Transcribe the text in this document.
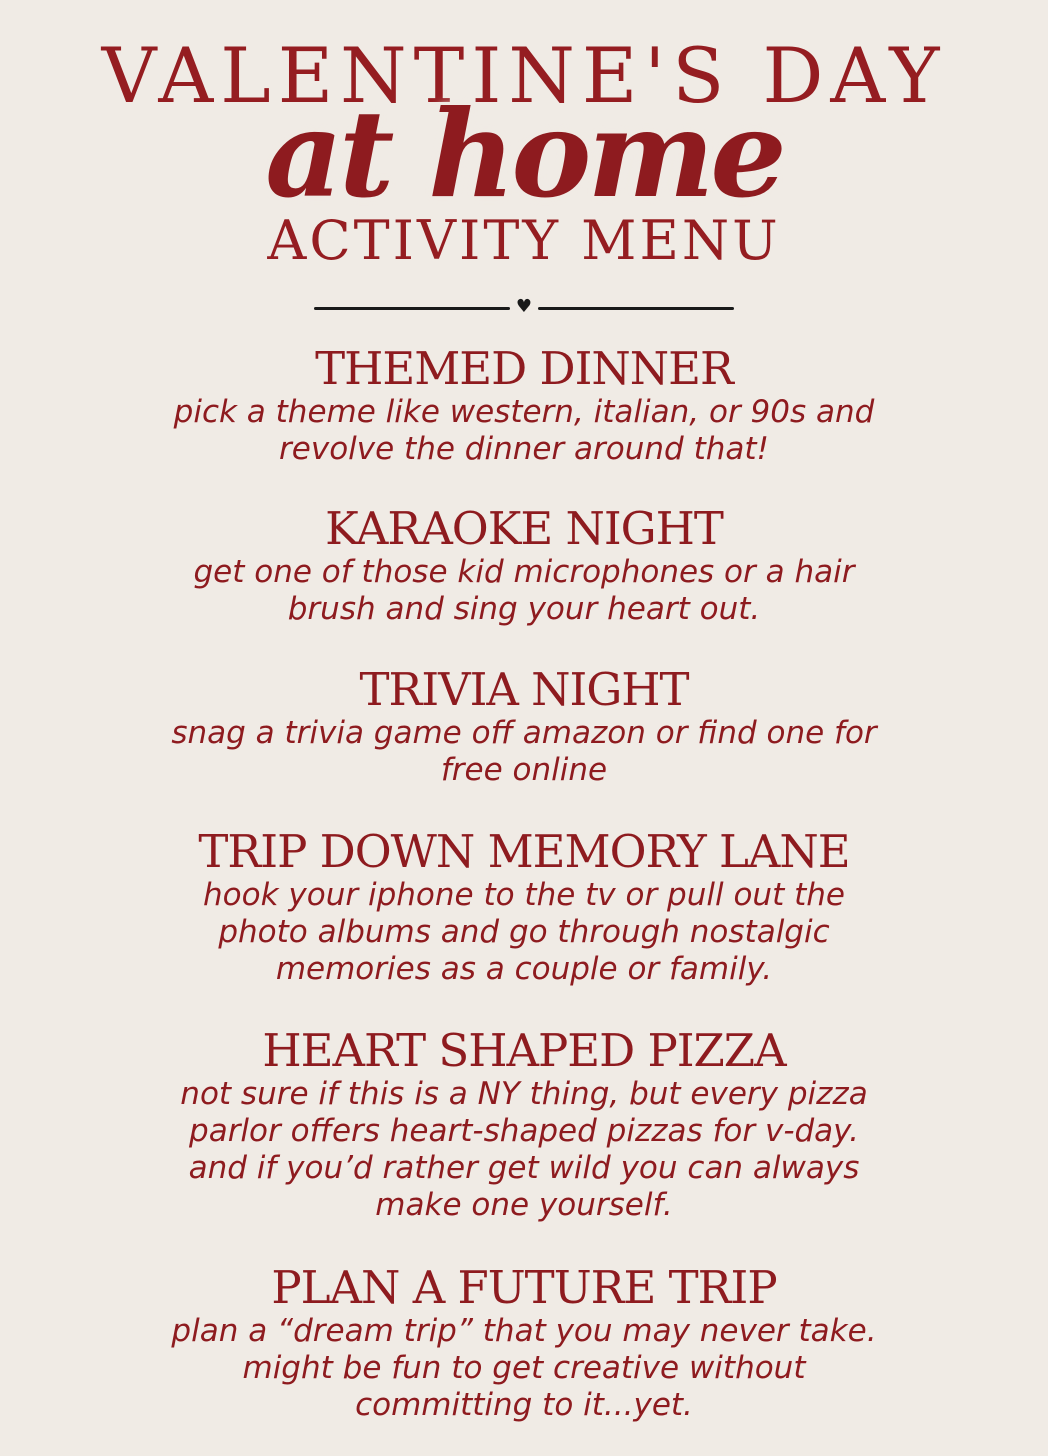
VALENTINE'S DAY
at home
ACTIVITY MENU
♥
THEMED DINNER
pick a theme like western, italian, or 90s and
revolve the dinner around that!
KARAOKE NIGHT
get one of those kid microphones or a hair
brush and sing your heart out.
TRIVIA NIGHT
snag a trivia game off amazon or find one for
free online
TRIP DOWN MEMORY LANE
hook your iphone to the tv or pull out the
photo albums and go through nostalgic
memories as a couple or family.
HEART SHAPED PIZZA
not sure if this is a NY thing, but every pizza
parlor offers heart-shaped pizzas for v-day.
and if you’d rather get wild you can always
make one yourself.
PLAN A FUTURE TRIP
plan a “dream trip” that you may never take.
might be fun to get creative without
committing to it...yet.
